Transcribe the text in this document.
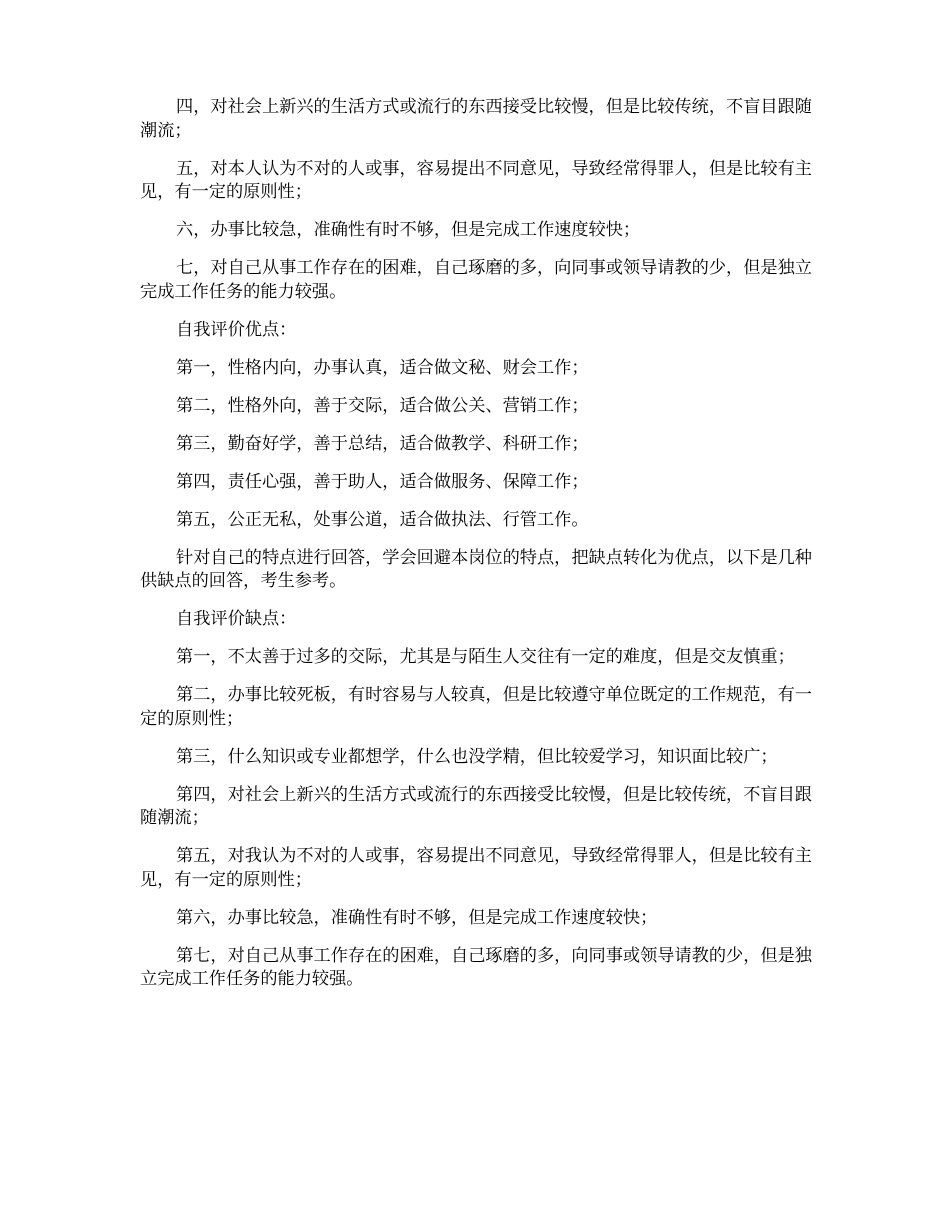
四，对社会上新兴的生活方式或流行的东西接受比较慢，但是比较传统，不盲目跟随潮流；

五，对本人认为不对的人或事，容易提出不同意见，导致经常得罪人，但是比较有主见，有一定的原则性；

六，办事比较急，准确性有时不够，但是完成工作速度较快；

七，对自己从事工作存在的困难，自己琢磨的多，向同事或领导请教的少，但是独立完成工作任务的能力较强。

自我评价优点：

第一，性格内向，办事认真，适合做文秘、财会工作；

第二，性格外向，善于交际，适合做公关、营销工作；

第三，勤奋好学，善于总结，适合做教学、科研工作；

第四，责任心强，善于助人，适合做服务、保障工作；

第五，公正无私，处事公道，适合做执法、行管工作。

针对自己的特点进行回答，学会回避本岗位的特点，把缺点转化为优点，以下是几种供缺点的回答，考生参考。

自我评价缺点：

第一，不太善于过多的交际，尤其是与陌生人交往有一定的难度，但是交友慎重；

第二，办事比较死板，有时容易与人较真，但是比较遵守单位既定的工作规范，有一定的原则性；

第三，什么知识或专业都想学，什么也没学精，但比较爱学习，知识面比较广；

第四，对社会上新兴的生活方式或流行的东西接受比较慢，但是比较传统，不盲目跟随潮流；

第五，对我认为不对的人或事，容易提出不同意见，导致经常得罪人，但是比较有主见，有一定的原则性；

第六，办事比较急，准确性有时不够，但是完成工作速度较快；

第七，对自己从事工作存在的困难，自己琢磨的多，向同事或领导请教的少，但是独立完成工作任务的能力较强。
